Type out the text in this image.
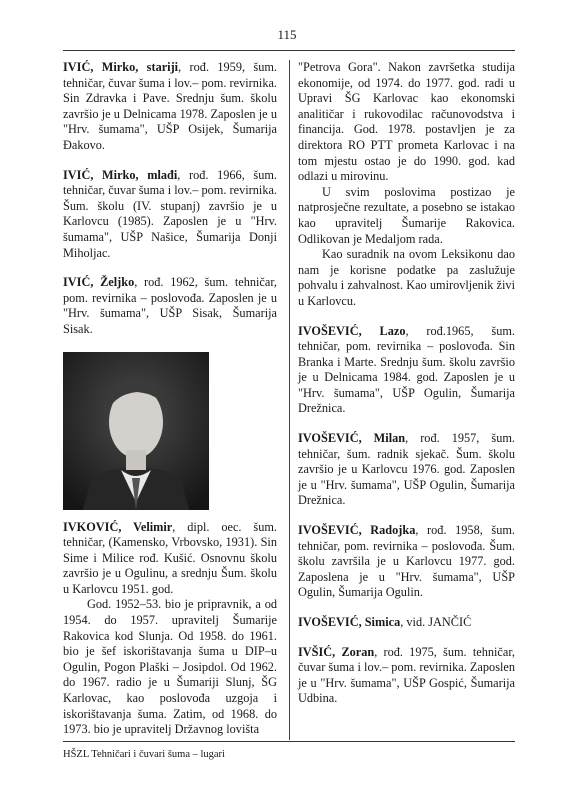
115

IVIĆ, Mirko, stariji, rođ. 1959, šum. tehničar, čuvar šuma i lov.– pom. revirnika. Sin Zdravka i Pave. Srednju šum. školu završio je u Delnicama 1978. Zaposlen je u "Hrv. šumama", UŠP Osijek, Šumarija Đakovo.

IVIĆ, Mirko, mlađi, rođ. 1966, šum. tehničar, čuvar šuma i lov.– pom. revirnika. Šum. školu (IV. stupanj) završio je u Karlovcu (1985). Zaposlen je u "Hrv. šumama", UŠP Našice, Šumarija Donji Miholjac.

IVIĆ, Željko, rođ. 1962, šum. tehničar, pom. revirnika – poslovođa. Zaposlen je u "Hrv. šumama", UŠP Sisak, Šumarija Sisak.

IVKOVIĆ, Velimir, dipl. oec. šum. tehničar, (Kamensko, Vrbovsko, 1931). Sin Sime i Milice rođ. Kušić. Osnovnu školu završio je u Ogulinu, a srednju Šum. školu u Karlovcu 1951. god.

God. 1952–53. bio je pripravnik, a od 1954. do 1957. upravitelj Šumarije Rakovica kod Slunja. Od 1958. do 1961. bio je šef iskorištavanja šuma u DIP–u Ogulin, Pogon Plaški – Josipdol. Od 1962. do 1967. radio je u Šumariji Slunj, ŠG Karlovac, kao poslovođa uzgoja i iskorištavanja šuma. Zatim, od 1968. do 1973. bio je upravitelj Državnog lovišta

"Petrova Gora". Nakon završetka studija ekonomije, od 1974. do 1977. god. radi u Upravi ŠG Karlovac kao ekonomski analitičar i rukovodilac računovodstva i financija. God. 1978. postavljen je za direktora RO PTT prometa Karlovac i na tom mjestu ostao je do 1990. god. kad odlazi u mirovinu.

U svim poslovima postizao je natprosječne rezultate, a posebno se istakao kao upravitelj Šumarije Rakovica. Odlikovan je Medaljom rada.

Kao suradnik na ovom Leksikonu dao nam je korisne podatke pa zaslužuje pohvalu i zahvalnost. Kao umirovljenik živi u Karlovcu.

IVOŠEVIĆ, Lazo, rođ.1965, šum. tehničar, pom. revirnika – poslovođa. Sin Branka i Marte. Srednju šum. školu završio je u Delnicama 1984. god. Zaposlen je u "Hrv. šumama", UŠP Ogulin, Šumarija Drežnica.

IVOŠEVIĆ, Milan, rođ. 1957, šum. tehničar, šum. radnik sjekač. Šum. školu završio je u Karlovcu 1976. god. Zaposlen je u "Hrv. šumama", UŠP Ogulin, Šumarija Drežnica.

IVOŠEVIĆ, Radojka, rođ. 1958, šum. tehničar, pom. revirnika – poslovođa. Šum. školu završila je u Karlovcu 1977. god. Zaposlena je u "Hrv. šumama", UŠP Ogulin, Šumarija Ogulin.

IVOŠEVIĆ, Simica, vid. JANČIĆ

IVŠIĆ, Zoran, rođ. 1975, šum. tehničar, čuvar šuma i lov.– pom. revirnika. Zaposlen je u "Hrv. šumama", UŠP Gospić, Šumarija Udbina.

HŠZL Tehničari i čuvari šuma – lugari
